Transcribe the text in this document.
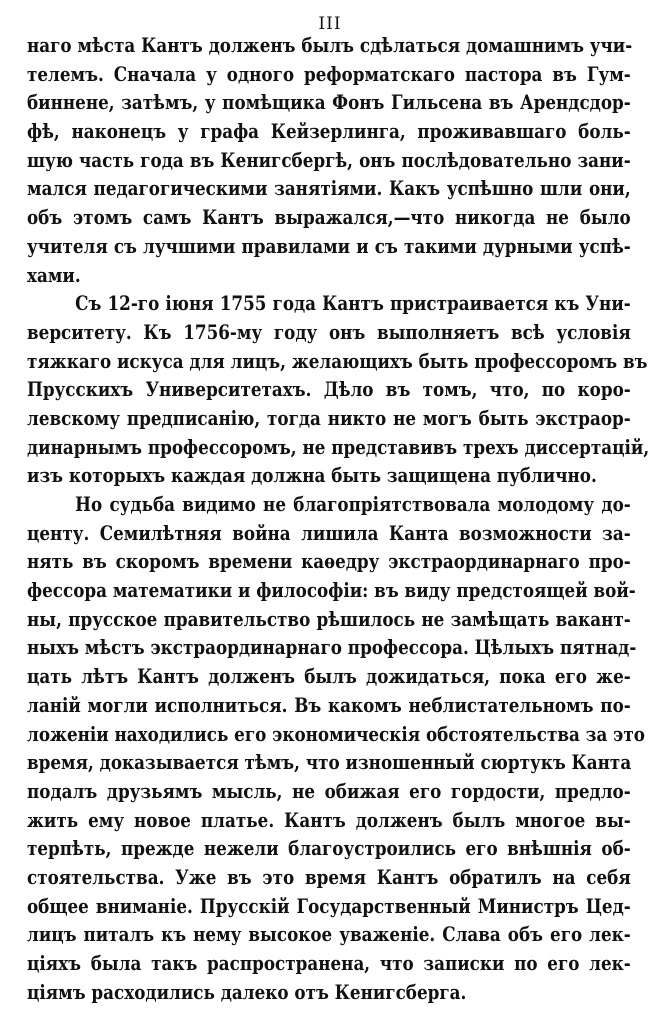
III
наго мѣста Кантъ долженъ былъ сдѣлаться домашнимъ учи-
телемъ. Сначала у одного реформатскаго пастора въ Гум-
биннене, затѣмъ, у помѣщика Фонъ Гильсена въ Арендсдор-
фѣ, наконецъ у графа Кейзерлинга, проживавшаго боль-
шую часть года въ Кенигсбергѣ, онъ послѣдовательно зани-
мался педагогическими занятіями. Какъ успѣшно шли они,
объ этомъ самъ Кантъ выражался,—что никогда не было
учителя съ лучшими правилами и съ такими дурными успѣ-
хами.
Съ 12-го іюня 1755 года Кантъ пристраивается къ Уни-
верситету. Къ 1756-му году онъ выполняетъ всѣ условія
тяжкаго искуса для лицъ, желающихъ быть профессоромъ въ
Прусскихъ Университетахъ. Дѣло въ томъ, что, по коро-
левскому предписанію, тогда никто не могъ быть экстраор-
динарнымъ профессоромъ, не представивъ трехъ диссертацій,
изъ которыхъ каждая должна быть защищена публично.
Но судьба видимо не благопріятствовала молодому до-
центу. Семилѣтняя война лишила Канта возможности за-
нять въ скоромъ времени каѳедру экстраординарнаго про-
фессора математики и философіи: въ виду предстоящей вой-
ны, прусское правительство рѣшилось не замѣщать вакант-
ныхъ мѣстъ экстраординарнаго профессора. Цѣлыхъ пятнад-
цать лѣтъ Кантъ долженъ былъ дожидаться, пока его же-
ланій могли исполниться. Въ какомъ неблистательномъ по-
ложеніи находились его экономическія обстоятельства за это
время, доказывается тѣмъ, что изношенный сюртукъ Канта
подалъ друзьямъ мысль, не обижая его гордости, предло-
жить ему новое платье. Кантъ долженъ былъ многое вы-
терпѣть, прежде нежели благоустроились его внѣшнія об-
стоятельства. Уже въ это время Кантъ обратилъ на себя
общее вниманіе. Прусскій Государственный Министръ Цед-
лицъ питалъ къ нему высокое уваженіе. Слава объ его лек-
ціяхъ была такъ распространена, что записки по его лек-
ціямъ расходились далеко отъ Кенигсберга.
